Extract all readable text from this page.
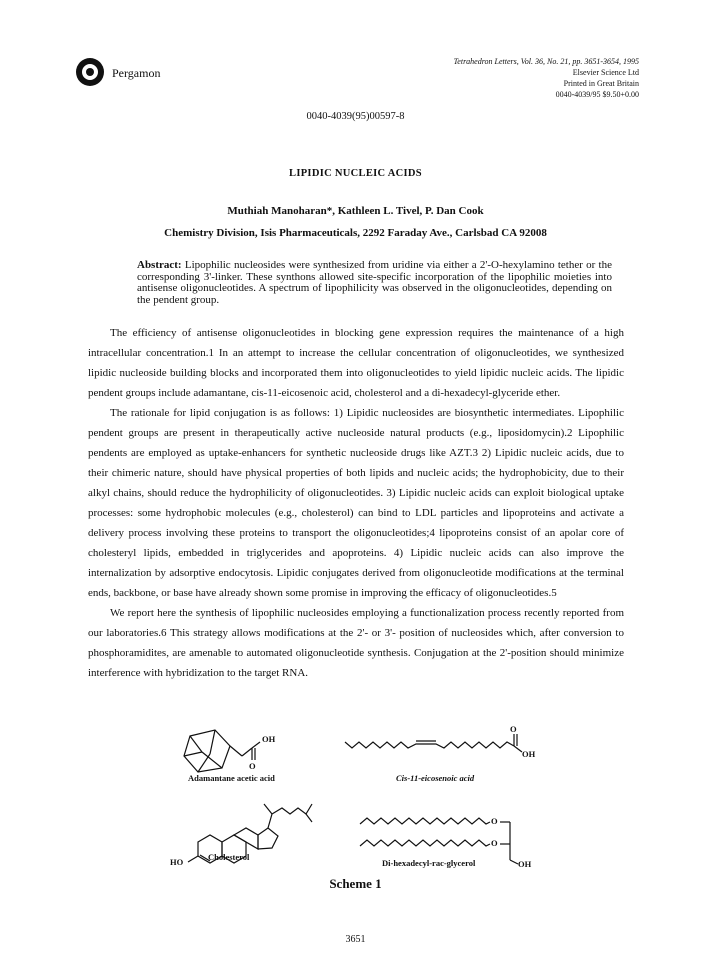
Pergamon
Tetrahedron Letters, Vol. 36, No. 21, pp. 3651-3654, 1995
Elsevier Science Ltd
Printed in Great Britain
0040-4039/95 $9.50+0.00
0040-4039(95)00597-8
LIPIDIC NUCLEIC ACIDS
Muthiah Manoharan*, Kathleen L. Tivel, P. Dan Cook
Chemistry Division, Isis Pharmaceuticals, 2292 Faraday Ave., Carlsbad CA 92008
Abstract: Lipophilic nucleosides were synthesized from uridine via either a 2'-O-hexylamino tether or the corresponding 3'-linker. These synthons allowed site-specific incorporation of the lipophilic moieties into antisense oligonucleotides. A spectrum of lipophilicity was observed in the oligonucleotides, depending on the pendent group.

The efficiency of antisense oligonucleotides in blocking gene expression requires the maintenance of a high intracellular concentration.1 In an attempt to increase the cellular concentration of oligonucleotides, we synthesized lipidic nucleoside building blocks and incorporated them into oligonucleotides to yield lipidic nucleic acids. The lipidic pendent groups include adamantane, cis-11-eicosenoic acid, cholesterol and a di-hexadecyl-glyceride ether.

The rationale for lipid conjugation is as follows: 1) Lipidic nucleosides are biosynthetic intermediates. Lipophilic pendent groups are present in therapeutically active nucleoside natural products (e.g., liposidomycin).2 Lipophilic pendents are employed as uptake-enhancers for synthetic nucleoside drugs like AZT.3 2) Lipidic nucleic acids, due to their chimeric nature, should have physical properties of both lipids and nucleic acids; the hydrophobicity, due to their alkyl chains, should reduce the hydrophilicity of oligonucleotides. 3) Lipidic nucleic acids can exploit biological uptake processes: some hydrophobic molecules (e.g., cholesterol) can bind to LDL particles and lipoproteins and activate a delivery process involving these proteins to transport the oligonucleotides;4 lipoproteins consist of an apolar core of cholesteryl lipids, embedded in triglycerides and apoproteins. 4) Lipidic nucleic acids can also improve the internalization by adsorptive endocytosis. Lipidic conjugates derived from oligonucleotide modifications at the terminal ends, backbone, or base have already shown some promise in improving the efficacy of oligonucleotides.5

We report here the synthesis of lipophilic nucleosides employing a functionalization process recently reported from our laboratories.6 This strategy allows modifications at the 2'- or 3'- position of nucleosides which, after conversion to phosphoramidites, are amenable to automated oligonucleotide synthesis. Conjugation at the 2'-position should minimize interference with hybridization to the target RNA.

OH
O
O
OH
HO
O
O
OH
Adamantane acetic acid	Cis-11-eicosenoic acid
Cholesterol
Di-hexadecyl-rac-glycerol
Scheme 1
3651
